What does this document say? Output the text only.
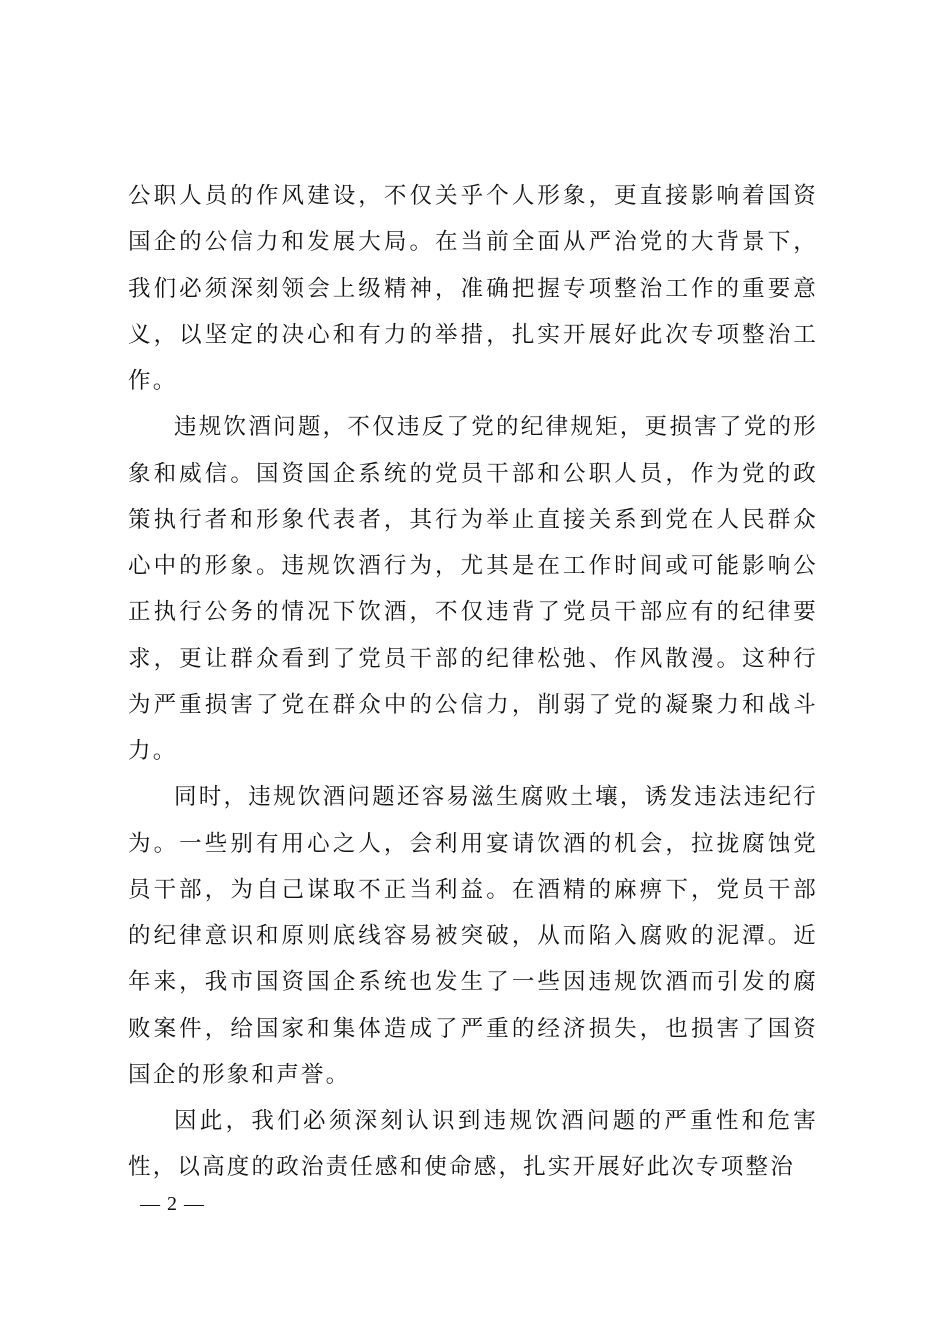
公职人员的作风建设，不仅关乎个人形象，更直接影响着国资国企的公信力和发展大局。在当前全面从严治党的大背景下，我们必须深刻领会上级精神，准确把握专项整治工作的重要意义，以坚定的决心和有力的举措，扎实开展好此次专项整治工作。

违规饮酒问题，不仅违反了党的纪律规矩，更损害了党的形象和威信。国资国企系统的党员干部和公职人员，作为党的政策执行者和形象代表者，其行为举止直接关系到党在人民群众心中的形象。违规饮酒行为，尤其是在工作时间或可能影响公正执行公务的情况下饮酒，不仅违背了党员干部应有的纪律要求，更让群众看到了党员干部的纪律松弛、作风散漫。这种行为严重损害了党在群众中的公信力，削弱了党的凝聚力和战斗力。

同时，违规饮酒问题还容易滋生腐败土壤，诱发违法违纪行为。一些别有用心之人，会利用宴请饮酒的机会，拉拢腐蚀党员干部，为自己谋取不正当利益。在酒精的麻痹下，党员干部的纪律意识和原则底线容易被突破，从而陷入腐败的泥潭。近年来，我市国资国企系统也发生了一些因违规饮酒而引发的腐败案件，给国家和集体造成了严重的经济损失，也损害了国资国企的形象和声誉。

因此，我们必须深刻认识到违规饮酒问题的严重性和危害性，以高度的政治责任感和使命感，扎实开展好此次专项整治

— 2 —
